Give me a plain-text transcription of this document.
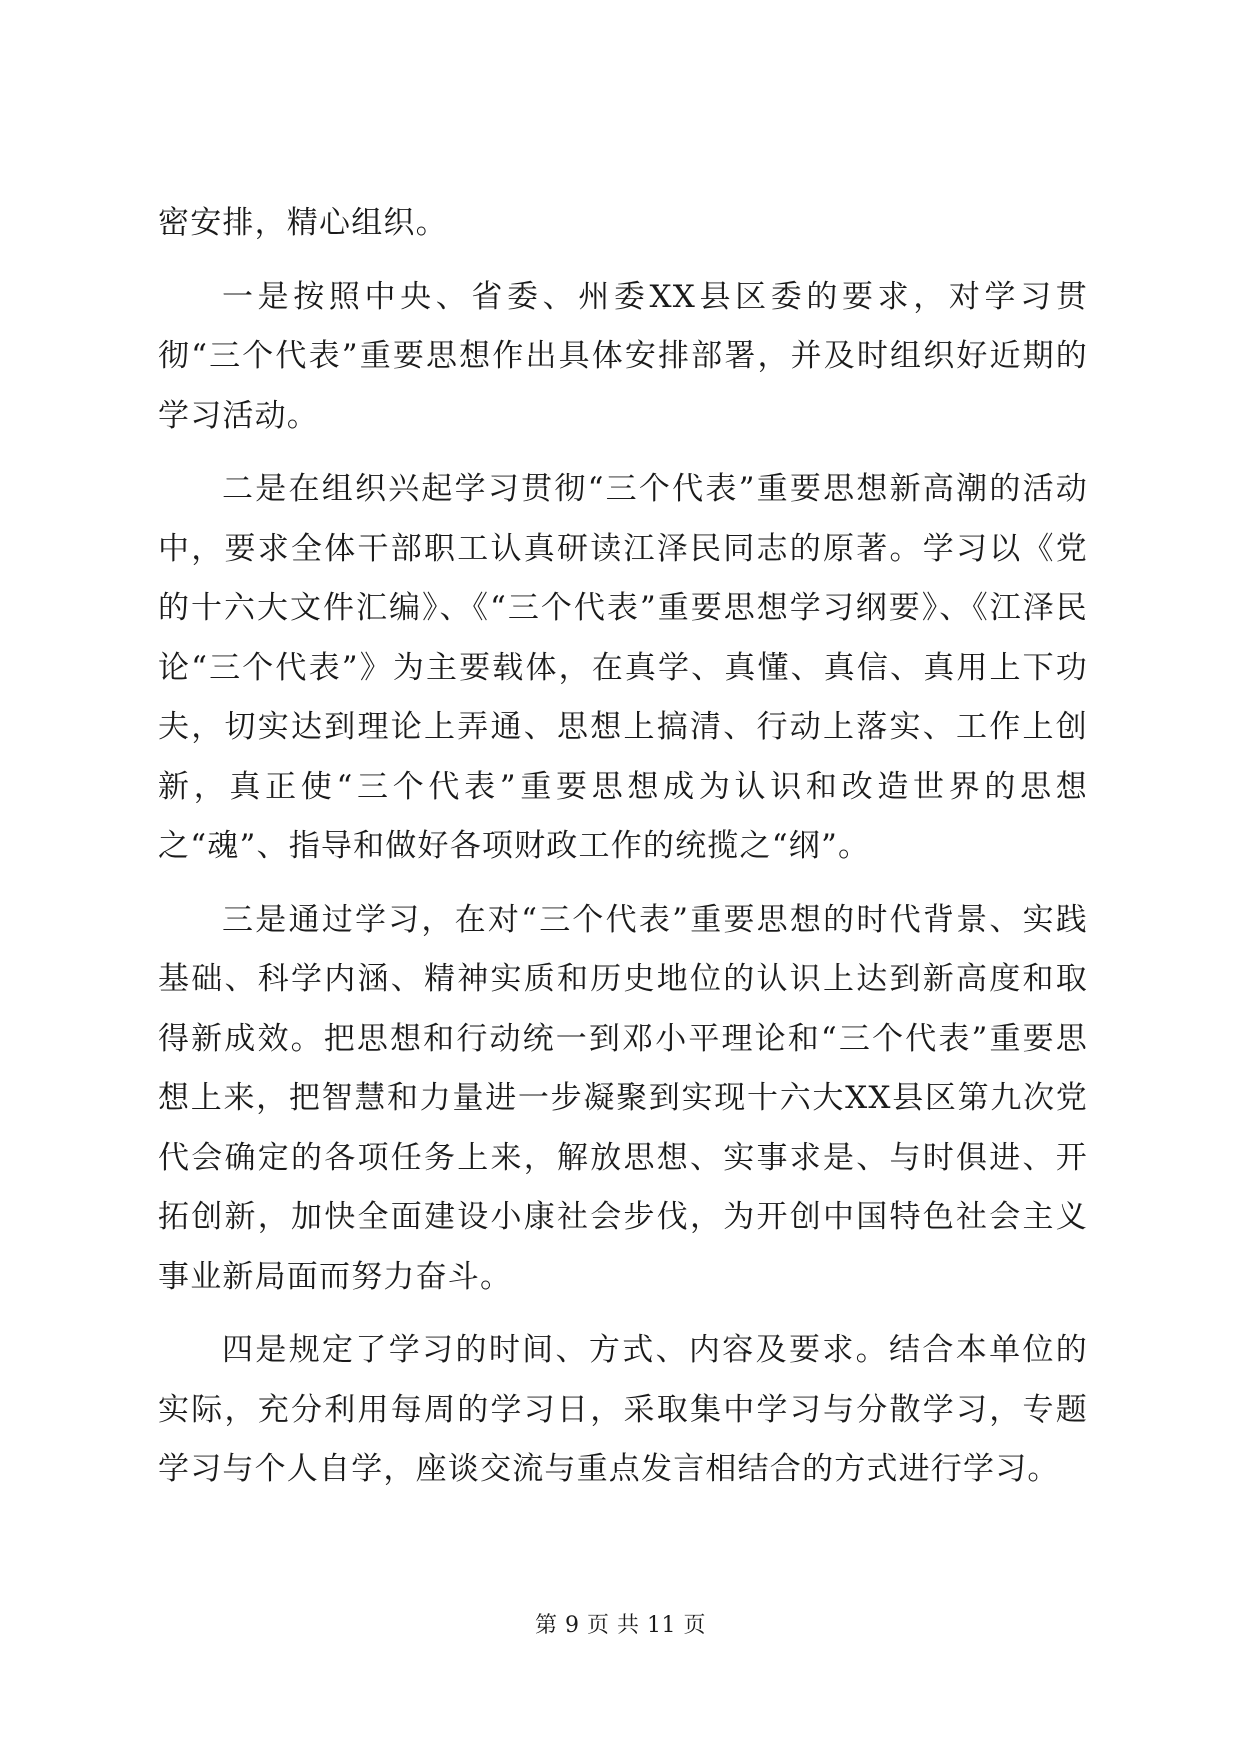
密安排，精心组织。

一是按照中央、省委、州委XX县区委的要求，对学习贯彻“三个代表”重要思想作出具体安排部署，并及时组织好近期的学习活动。

二是在组织兴起学习贯彻“三个代表”重要思想新高潮的活动中，要求全体干部职工认真研读江泽民同志的原著。学习以《党的十六大文件汇编》、《“三个代表”重要思想学习纲要》、《江泽民论“三个代表”》为主要载体，在真学、真懂、真信、真用上下功夫，切实达到理论上弄通、思想上搞清、行动上落实、工作上创新，真正使“三个代表”重要思想成为认识和改造世界的思想之“魂”、指导和做好各项财政工作的统揽之“纲”。

三是通过学习，在对“三个代表”重要思想的时代背景、实践基础、科学内涵、精神实质和历史地位的认识上达到新高度和取得新成效。把思想和行动统一到邓小平理论和“三个代表”重要思想上来，把智慧和力量进一步凝聚到实现十六大XX县区第九次党代会确定的各项任务上来，解放思想、实事求是、与时俱进、开拓创新，加快全面建设小康社会步伐，为开创中国特色社会主义事业新局面而努力奋斗。

四是规定了学习的时间、方式、内容及要求。结合本单位的实际，充分利用每周的学习日，采取集中学习与分散学习，专题学习与个人自学，座谈交流与重点发言相结合的方式进行学习。

第 9 页 共 11 页
